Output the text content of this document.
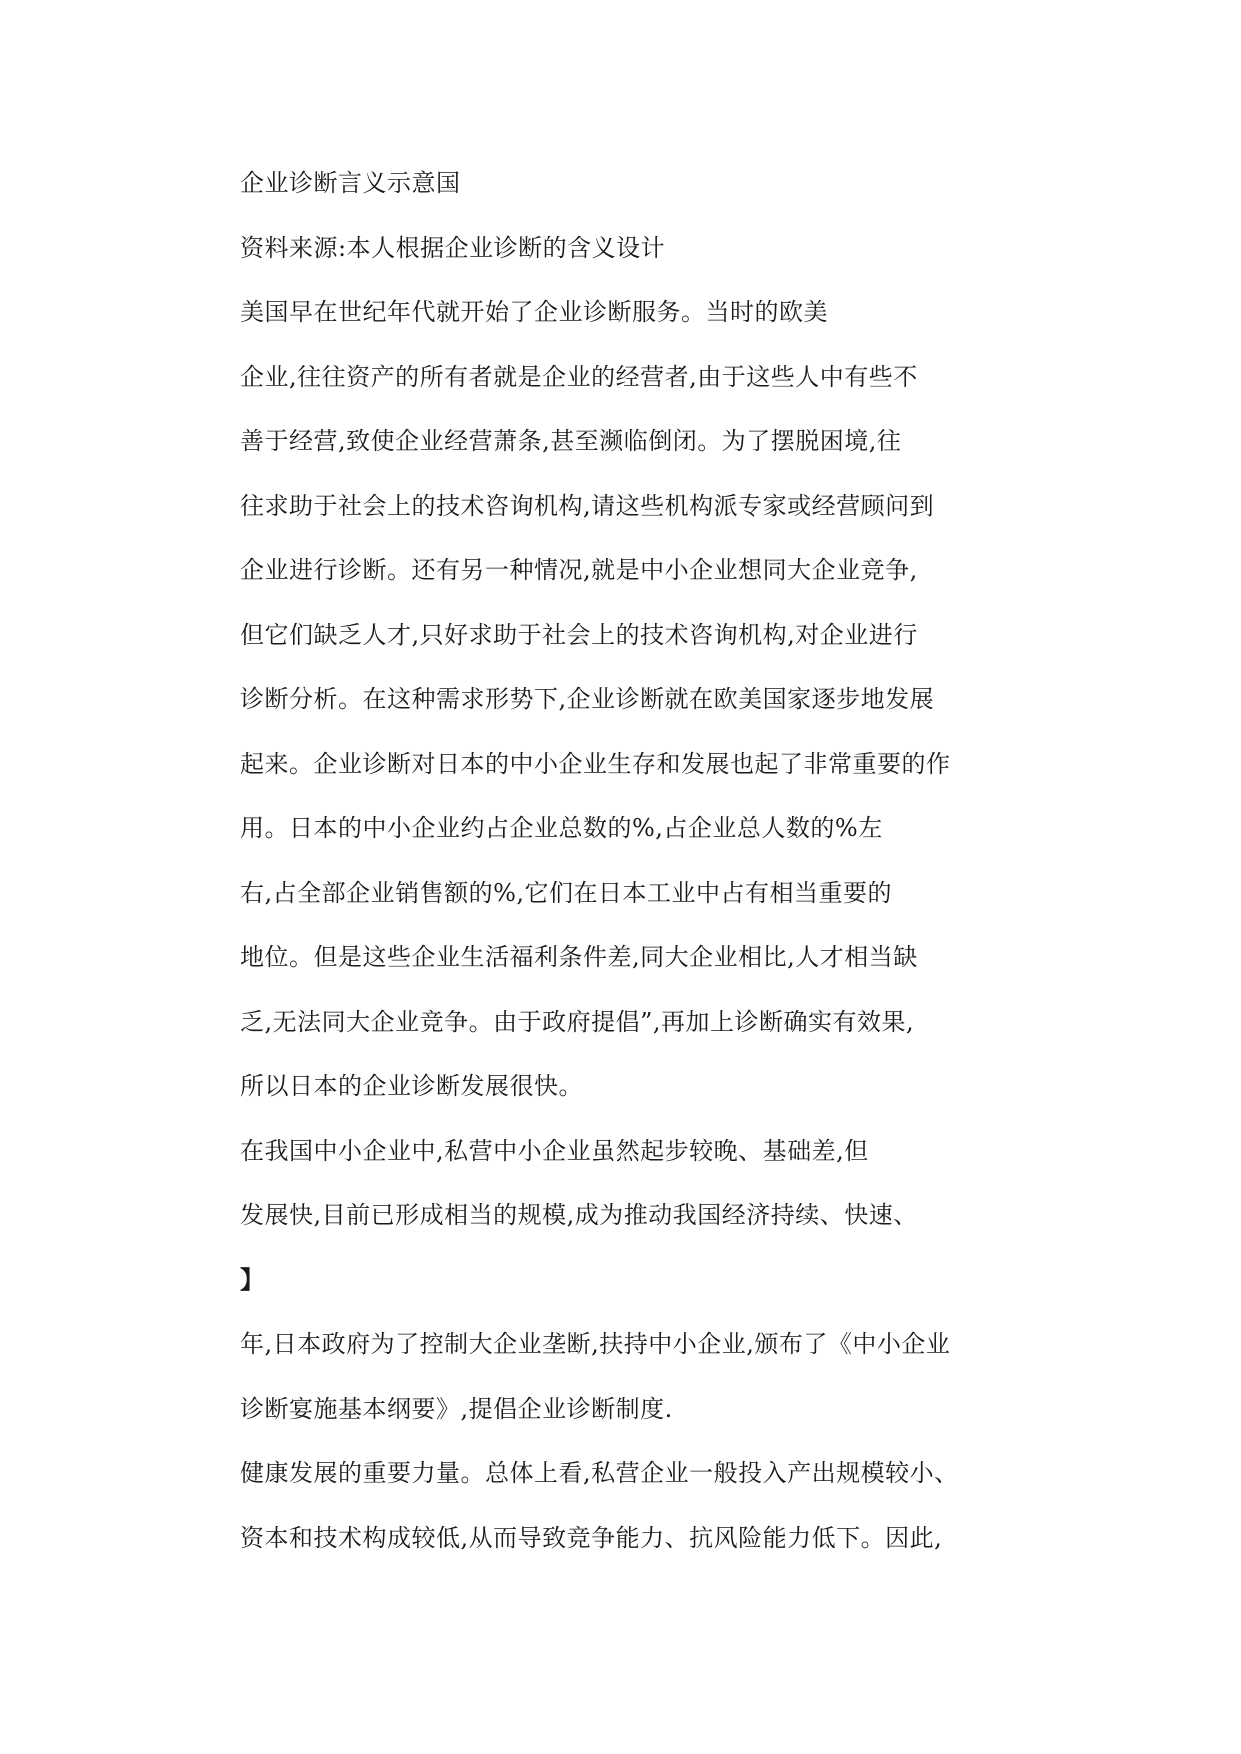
企业诊断言义示意国
资料来源:本人根据企业诊断的含义设计
美国早在世纪年代就开始了企业诊断服务。当时的欧美
企业,往往资产的所有者就是企业的经营者,由于这些人中有些不
善于经营,致使企业经营萧条,甚至濒临倒闭。为了摆脱困境,往
往求助于社会上的技术咨询机构,请这些机构派专家或经营顾问到
企业进行诊断。还有另一种情况,就是中小企业想同大企业竞争,
但它们缺乏人才,只好求助于社会上的技术咨询机构,对企业进行
诊断分析。在这种需求形势下,企业诊断就在欧美国家逐步地发展
起来。企业诊断对日本的中小企业生存和发展也起了非常重要的作
用。日本的中小企业约占企业总数的%,占企业总人数的%左
右,占全部企业销售额的%,它们在日本工业中占有相当重要的
地位。但是这些企业生活福利条件差,同大企业相比,人才相当缺
乏,无法同大企业竞争。由于政府提倡”,再加上诊断确实有效果,
所以日本的企业诊断发展很快。
在我国中小企业中,私营中小企业虽然起步较晚、基础差,但
发展快,目前已形成相当的规模,成为推动我国经济持续、快速、
】
年,日本政府为了控制大企业垄断,扶持中小企业,颁布了《中小企业
诊断宴施基本纲要》,提倡企业诊断制度.
健康发展的重要力量。总体上看,私营企业一般投入产出规模较小、
资本和技术构成较低,从而导致竞争能力、抗风险能力低下。因此,
